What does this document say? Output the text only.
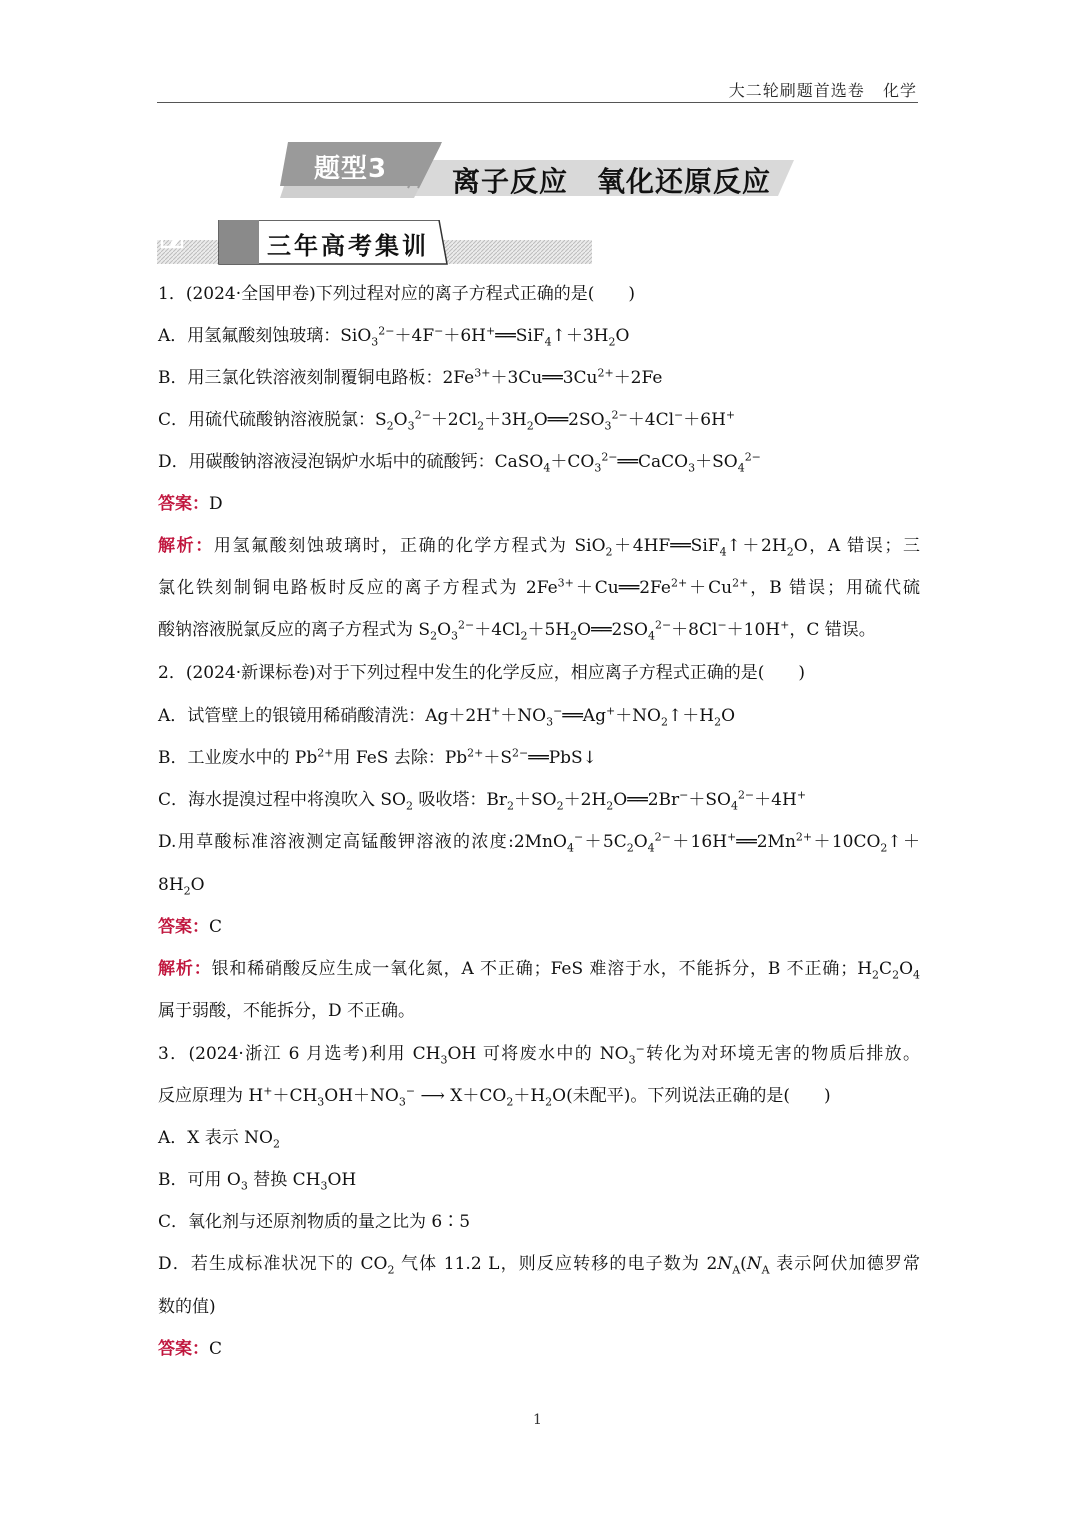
大二轮刷题首选卷 化学
题型3 离子反应　氧化还原反应
三年高考集训
1．(2024·全国甲卷)下列过程对应的离子方程式正确的是(　　)
A．用氢氟酸刻蚀玻璃：$SiO_3^{2-}+4F^-+6H^+══SiF_4↑+3H_2O$
B．用三氯化铁溶液刻制覆铜电路板：$2Fe^{3+}+3Cu══3Cu^{2+}+2Fe$
C．用硫代硫酸钠溶液脱氯：$S_2O_3^{2-}+2Cl_2+3H_2O══2SO_3^{2-}+4Cl^-+6H^+$
D．用碳酸钠溶液浸泡锅炉水垢中的硫酸钙：$CaSO_4+CO_3^{2-}══CaCO_3+SO_4^{2-}$
答案：D
解析：用氢氟酸刻蚀玻璃时，正确的化学方程式为 $SiO_2+4HF══SiF_4↑+2H_2O$，A 错误；三
氯化铁刻制铜电路板时反应的离子方程式为 $2Fe^{3+}+Cu══2Fe^{2+}+Cu^{2+}$，B 错误；用硫代硫
酸钠溶液脱氯反应的离子方程式为 $S_2O_3^{2-}+4Cl_2+5H_2O══2SO_4^{2-}+8Cl^-+10H^+$，C 错误。
2．(2024·新课标卷)对于下列过程中发生的化学反应，相应离子方程式正确的是(　　)
A．试管壁上的银镜用稀硝酸清洗：$Ag+2H^++NO_3^-══Ag^++NO_2↑+H_2O$
B．工业废水中的 $Pb^{2+}$用 FeS 去除：$Pb^{2+}+S^{2-}══PbS↓$
C．海水提溴过程中将溴吹入 $SO_2$ 吸收塔：$Br_2+SO_2+2H_2O══2Br^-+SO_4^{2-}+4H^+$
D.用草酸标准溶液测定高锰酸钾溶液的浓度$:2MnO_4^-+5C_2O_4^{2-}+16H^+══2Mn^{2+}+10CO_2↑+$
$8H_2O$
答案：C
解析：银和稀硝酸反应生成一氧化氮，A 不正确；FeS 难溶于水，不能拆分，B 不正确；$H_2C_2O_4$
属于弱酸，不能拆分，D 不正确。
3．(2024·浙江 6 月选考)利用 $CH_3OH$ 可将废水中的 $NO_3^-$转化为对环境无害的物质后排放。
反应原理为 $H^++CH_3OH+NO_3^-$ ⟶ $X+CO_2+H_2O$(未配平)。下列说法正确的是(　　)
A．X 表示 $NO_2$
B．可用 $O_3$ 替换 $CH_3OH$
C．氧化剂与还原剂物质的量之比为 6∶5
D．若生成标准状况下的 $CO_2$ 气体 11.2 L，则反应转移的电子数为 $2N_A(N_A$ 表示阿伏加德罗常
数的值)
答案：C
1
